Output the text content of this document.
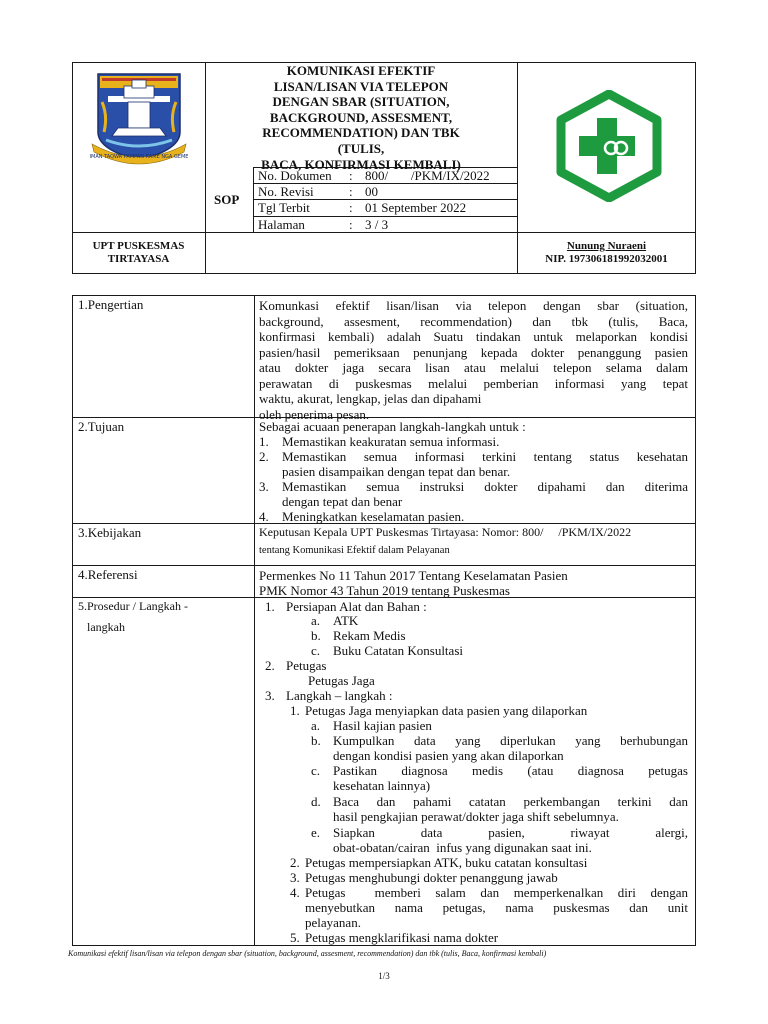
IMAN TAQWA PAMPAN RAME NGA GEME
KOMUNIKASI EFEKTIF
LISAN/LISAN VIA TELEPON
DENGAN SBAR (SITUATION,
BACKGROUND, ASSESMENT,
RECOMMENDATION) DAN TBK
(TULIS,
BACA, KONFIRMASI KEMBALI)
SOP
No. Dokumen : 800/       /PKM/IX/2022
No. Revisi	: 00
Tgl Terbit	: 01 September 2022
Halaman	: 3 / 3
UPT PUSKESMAS
TIRTAYASA
Nunung Nuraeni
NIP. 197306181992032001
1.Pengertian	Komunkasi efektif lisan/lisan via telepon dengan sbar (situation,
background, assesment, recommendation) dan tbk (tulis, Baca,
konfirmasi kembali) adalah Suatu tindakan untuk melaporkan kondisi
pasien/hasil pemeriksaan penunjang kepada dokter penanggung pasien
atau dokter jaga secara lisan atau melalui telepon selama dalam
perawatan di puskesmas melalui pemberian informasi yang tepat
waktu, akurat, lengkap, jelas dan dipahami
oleh penerima pesan.
2.Tujuan	Sebagai acuaan penerapan langkah-langkah untuk :
1. Memastikan keakuratan semua informasi.
2. Memastikan semua informasi terkini tentang status kesehatan
pasien disampaikan dengan tepat dan benar.
3. Memastikan semua instruksi dokter dipahami dan diterima
dengan tepat dan benar
4. Meningkatkan keselamatan pasien.
3.Kebijakan	Keputusan Kepala UPT Puskesmas Tirtayasa: Nomor: 800/     /PKM/IX/2022
tentang Komunikasi Efektif dalam Pelayanan
4.Referensi	Permenkes No 11 Tahun 2017 Tentang Keselamatan Pasien
PMK Nomor 43 Tahun 2019 tentang Puskesmas
5.Prosedur / Langkah -
langkah
1. Persiapan Alat dan Bahan :
a. ATK
b. Rekam Medis
c. Buku Catatan Konsultasi
2. Petugas
Petugas Jaga
3. Langkah – langkah :
1. Petugas Jaga menyiapkan data pasien yang dilaporkan
a. Hasil kajian pasien
b. Kumpulkan data yang diperlukan yang berhubungan
dengan kondisi pasien yang akan dilaporkan
c. Pastikan diagnosa medis (atau diagnosa petugas
kesehatan lainnya)
d. Baca dan pahami catatan perkembangan terkini dan
hasil pengkajian perawat/dokter jaga shift sebelumnya.
e. Siapkan data pasien, riwayat alergi,
obat-obatan/cairan  infus yang digunakan saat ini.
2. Petugas mempersiapkan ATK, buku catatan konsultasi
3. Petugas menghubungi dokter penanggung jawab
4. Petugas  memberi salam dan memperkenalkan diri dengan
menyebutkan nama petugas, nama puskesmas dan unit
pelayanan.
5. Petugas mengklarifikasi nama dokter
Komunikasi efektif lisan/lisan via telepon dengan sbar (situation, background, assesment, recommendation) dan tbk (tulis, Baca, konfirmasi kembali)
1/3
